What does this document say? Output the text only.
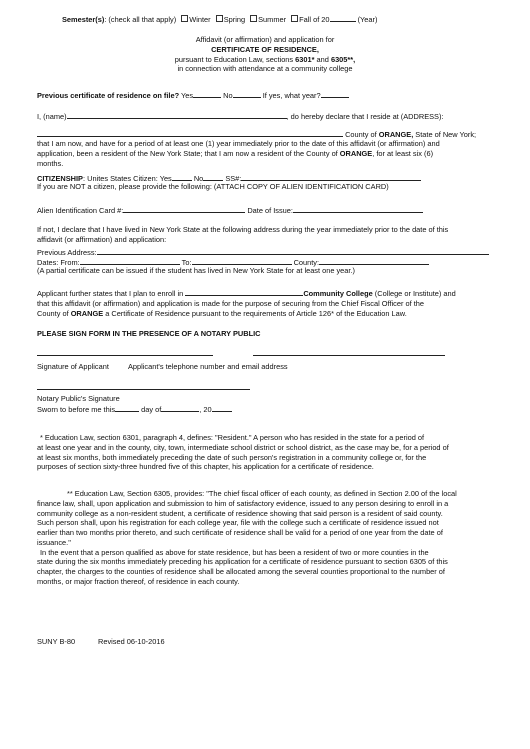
Semester(s): (check all that apply) Winter Spring Summer Fall of 20	(Year)

Affidavit (or affirmation) and application for

CERTIFICATE OF RESIDENCE,

pursuant to Education Law, sections 6301* and 6305**,

in connection with attendance at a community college

Previous certificate of residence on file? Yes	No	If yes, what year?
I, (name)	, do hereby declare that I reside at (ADDRESS):
County of ORANGE, State of New York;

that I am now, and have for a period of at least one (1) year immediately prior to the date of this affidavit (or affirmation) and

application, been a resident of the New York State; that I am now a resident of the County of ORANGE, for at least six (6)

months.

CITIZENSHIP: Unites States Citizen: Yes	No	SS#:
If you are NOT a citizen, please provide the following: (ATTACH COPY OF ALIEN IDENTIFICATION CARD)
Alien Identification Card #:	Date of Issue:

If not, I declare that I have lived in New York State at the following address during the year immediately prior to the date of this

affidavit (or affirmation) and application:

Previous Address:
Dates: From:	To:	County:
(A partial certificate can be issued if the student has lived in New York State for at least one year.)

Applicant further states that I plan to enroll in	Community College (College or Institute) and

that this affidavit (or affirmation) and application is made for the purpose of securing from the Chief Fiscal Officer of the

County of ORANGE a Certificate of Residence pursuant to the requirements of Article 126* of the Education Law.

PLEASE SIGN FORM IN THE PRESENCE OF A NOTARY PUBLIC
Signature of Applicant	Applicant's telephone number and email address
Notary Public's Signature
Sworn to before me this	day of	, 20

* Education Law, section 6301, paragraph 4, defines: "Resident." A person who has resided in the state for a period of

at least one year and in the county, city, town, intermediate school district or school district, as the case may be, for a period of

at least six months, both immediately preceding the date of such person's registration in a community college or, for the

purposes of section sixty-three hundred five of this chapter, his application for a certificate of residence.

** Education Law, Section 6305, provides: "The chief fiscal officer of each county, as defined in Section 2.00 of the local

finance law, shall, upon application and submission to him of satisfactory evidence, issued to any person desiring to enroll in a

community college as a non-resident student, a certificate of residence showing that said person is a resident of said county.

Such person shall, upon his registration for each college year, file with the college such a certificate of residence issued not

earlier than two months prior thereto, and such certificate of residence shall be valid for a period of one year from the date of

issuance."

In the event that a person qualified as above for state residence, but has been a resident of two or more counties in the

state during the six months immediately preceding his application for a certificate of residence pursuant to section 6305 of this

chapter, the charges to the counties of residence shall be allocated among the several counties proportional to the number of

months, or major fraction thereof, of residence in each county.

SUNY B-80	Revised 06-10-2016
